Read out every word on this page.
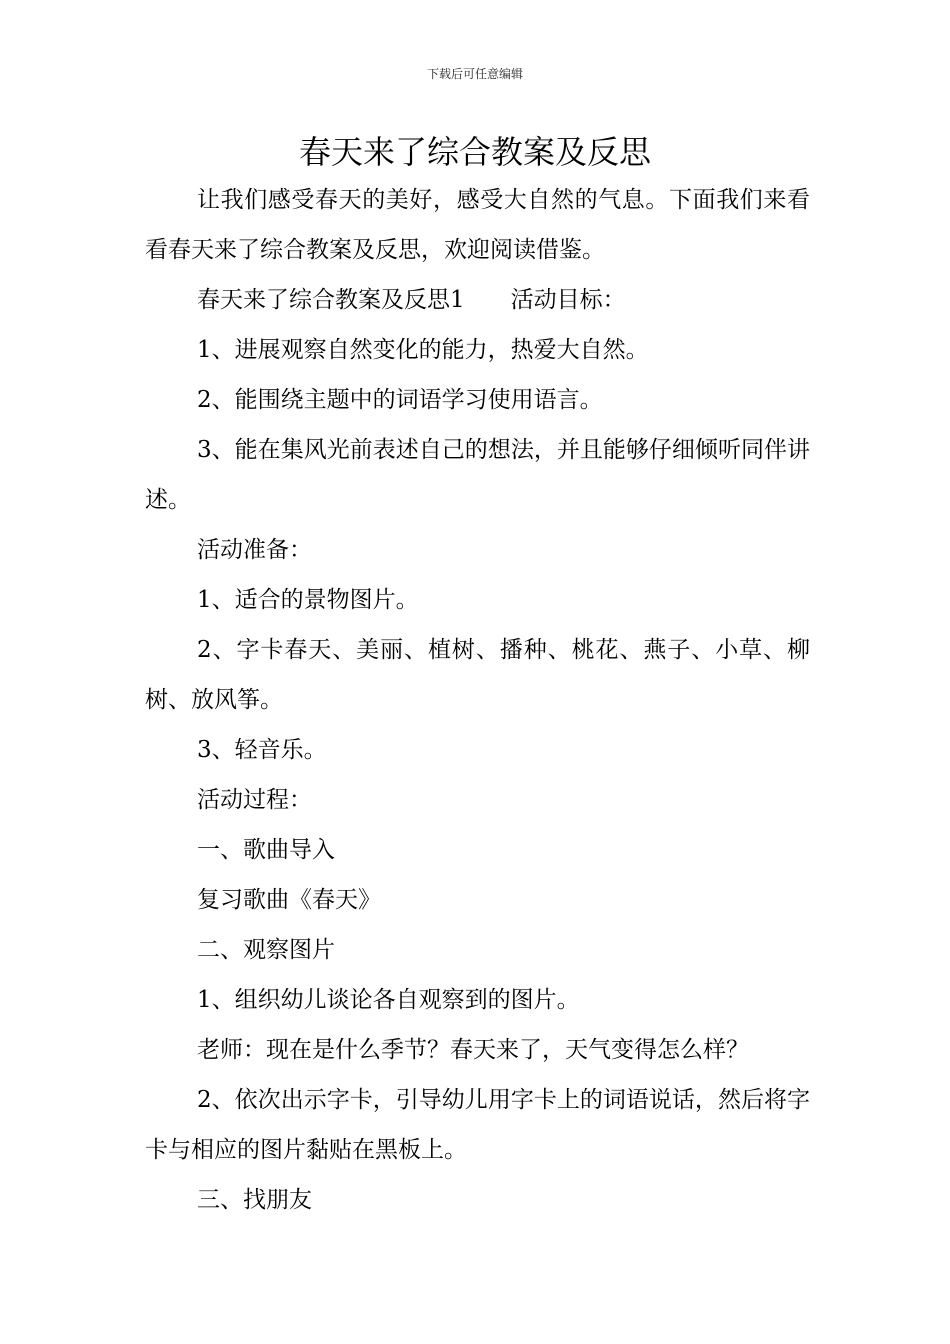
下载后可任意编辑
春天来了综合教案及反思

让我们感受春天的美好，感受大自然的气息。下面我们来看看春天来了综合教案及反思，欢迎阅读借鉴。

春天来了综合教案及反思1　　活动目标：

1、进展观察自然变化的能力，热爱大自然。

2、能围绕主题中的词语学习使用语言。

3、能在集风光前表述自己的想法，并且能够仔细倾听同伴讲述。

活动准备：

1、适合的景物图片。

2、字卡春天、美丽、植树、播种、桃花、燕子、小草、柳树、放风筝。

3、轻音乐。

活动过程：

一、歌曲导入

复习歌曲《春天》

二、观察图片

1、组织幼儿谈论各自观察到的图片。

老师：现在是什么季节？春天来了，天气变得怎么样？

2、依次出示字卡，引导幼儿用字卡上的词语说话，然后将字卡与相应的图片黏贴在黑板上。

三、找朋友
